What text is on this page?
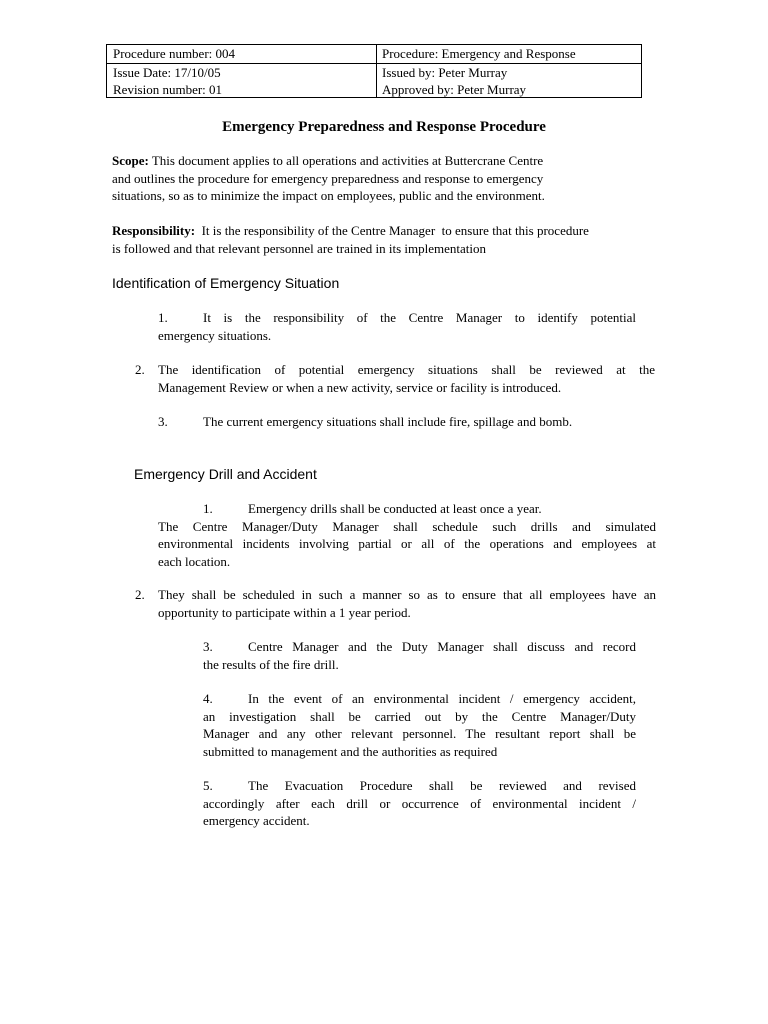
Procedure number: 004	Procedure: Emergency and Response
Issue Date: 17/10/05	Issued by: Peter Murray
Revision number: 01	Approved by: Peter Murray
Emergency Preparedness and Response Procedure
Scope: This document applies to all operations and activities at Buttercrane Centre
and outlines the procedure for emergency preparedness and response to emergency
situations, so as to minimize the impact on employees, public and the environment.
Responsibility:  It is the responsibility of the Centre Manager  to ensure that this procedure
is followed and that relevant personnel are trained in its implementation
Identification of Emergency Situation
1.	It is the responsibility of the Centre Manager to identify potential
emergency situations.
2.	The identification of potential emergency situations shall be reviewed at the
Management Review or when a new activity, service or facility is introduced.
3.	The current emergency situations shall include fire, spillage and bomb.
Emergency Drill and Accident
1.	Emergency drills shall be conducted at least once a year.
The Centre Manager/Duty Manager shall schedule such drills and simulated
environmental incidents involving partial or all of the operations and employees at
each location.
2.	They shall be scheduled in such a manner so as to ensure that all employees have an
opportunity to participate within a 1 year period.
3.	Centre Manager and the Duty Manager shall discuss and record
the results of the fire drill.
4.	In the event of an environmental incident / emergency accident,
an investigation shall be carried out by the Centre Manager/Duty
Manager and any other relevant personnel. The resultant report shall be
submitted to management and the authorities as required
5.	The Evacuation Procedure shall be reviewed and revised
accordingly after each drill or occurrence of environmental incident /
emergency accident.
